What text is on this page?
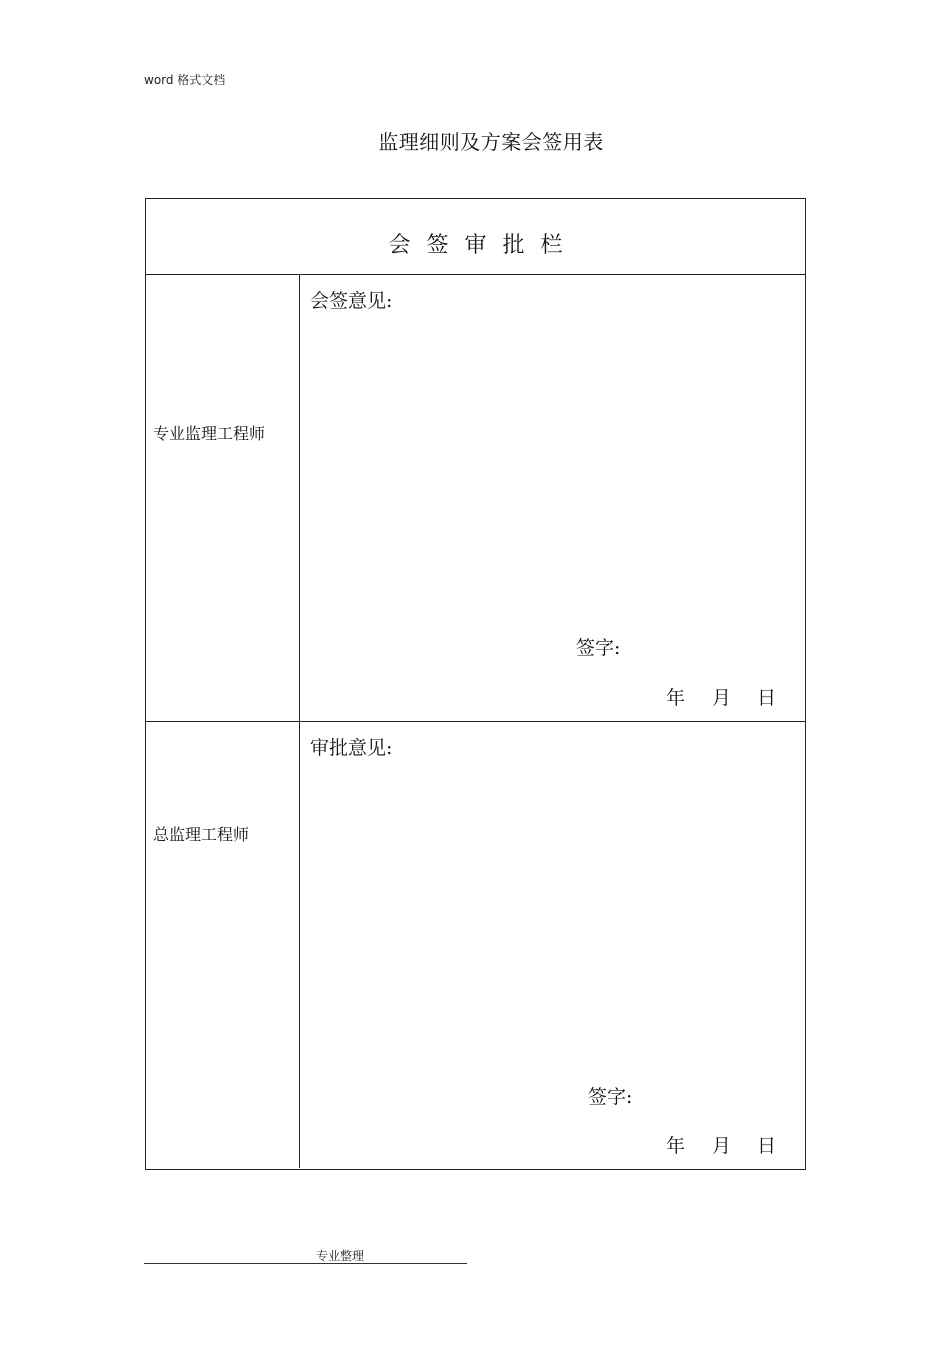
word 格式文档
监理细则及方案会签用表
会签审批栏
专业监理工程师
会签意见:
签字:
年 月 日
总监理工程师
审批意见:
签字:
年 月 日
专业整理
